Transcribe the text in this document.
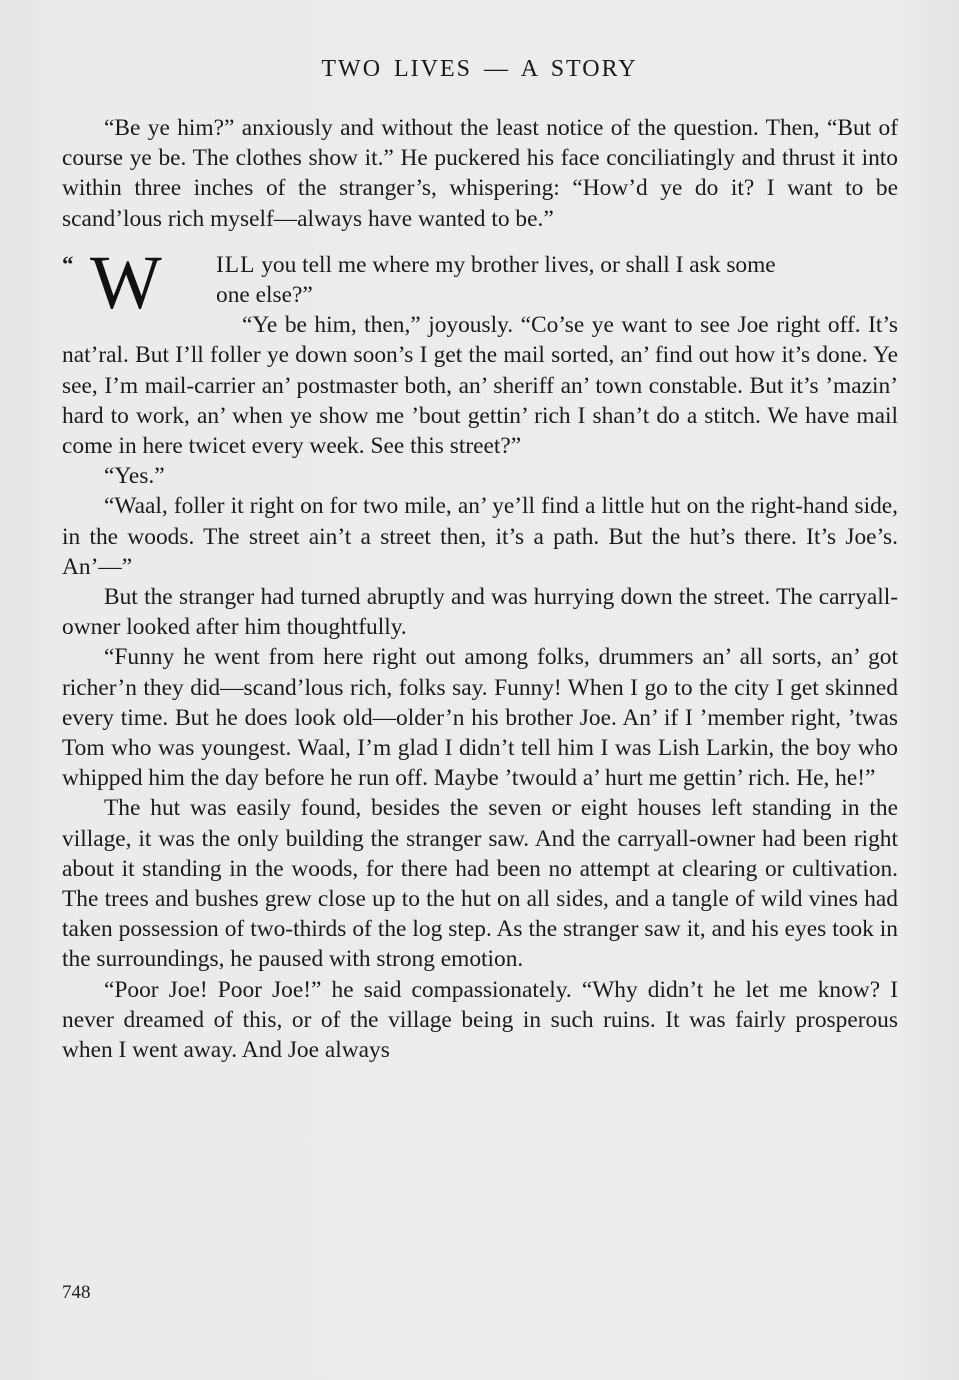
TWO LIVES — A STORY

“Be ye him?” anxiously and without the least notice of the question. Then, “But of course ye be. The clothes show it.” He puckered his face conciliatingly and thrust it into within three inches of the stranger’s, whispering: “How’d ye do it? I want to be scand’lous rich myself—always have wanted to be.”

“ W ILL you tell me where my brother lives, or shall I ask some

one else?”

“Ye be him, then,” joyously. “Co’se ye want to see Joe right off. It’s nat’ral. But I’ll foller ye down soon’s I get the mail sorted, an’ find out how it’s done. Ye see, I’m mail-carrier an’ postmaster both, an’ sheriff an’ town constable. But it’s ’mazin’ hard to work, an’ when ye show me ’bout gettin’ rich I shan’t do a stitch. We have mail come in here twicet every week. See this street?”

“Yes.”

“Waal, foller it right on for two mile, an’ ye’ll find a little hut on the right-hand side, in the woods. The street ain’t a street then, it’s a path. But the hut’s there. It’s Joe’s. An’—”

But the stranger had turned abruptly and was hurrying down the street. The carryall-owner looked after him thoughtfully.

“Funny he went from here right out among folks, drummers an’ all sorts, an’ got richer’n they did—scand’lous rich, folks say. Funny! When I go to the city I get skinned every time. But he does look old—older’n his brother Joe. An’ if I ’member right, ’twas Tom who was youngest. Waal, I’m glad I didn’t tell him I was Lish Larkin, the boy who whipped him the day before he run off. Maybe ’twould a’ hurt me gettin’ rich. He, he!”

The hut was easily found, besides the seven or eight houses left standing in the village, it was the only building the stranger saw. And the carryall-owner had been right about it standing in the woods, for there had been no attempt at clearing or cultivation. The trees and bushes grew close up to the hut on all sides, and a tangle of wild vines had taken possession of two-thirds of the log step. As the stranger saw it, and his eyes took in the surroundings, he paused with strong emotion.

“Poor Joe! Poor Joe!” he said compassionately. “Why didn’t he let me know? I never dreamed of this, or of the village being in such ruins. It was fairly prosperous when I went away. And Joe always

748
